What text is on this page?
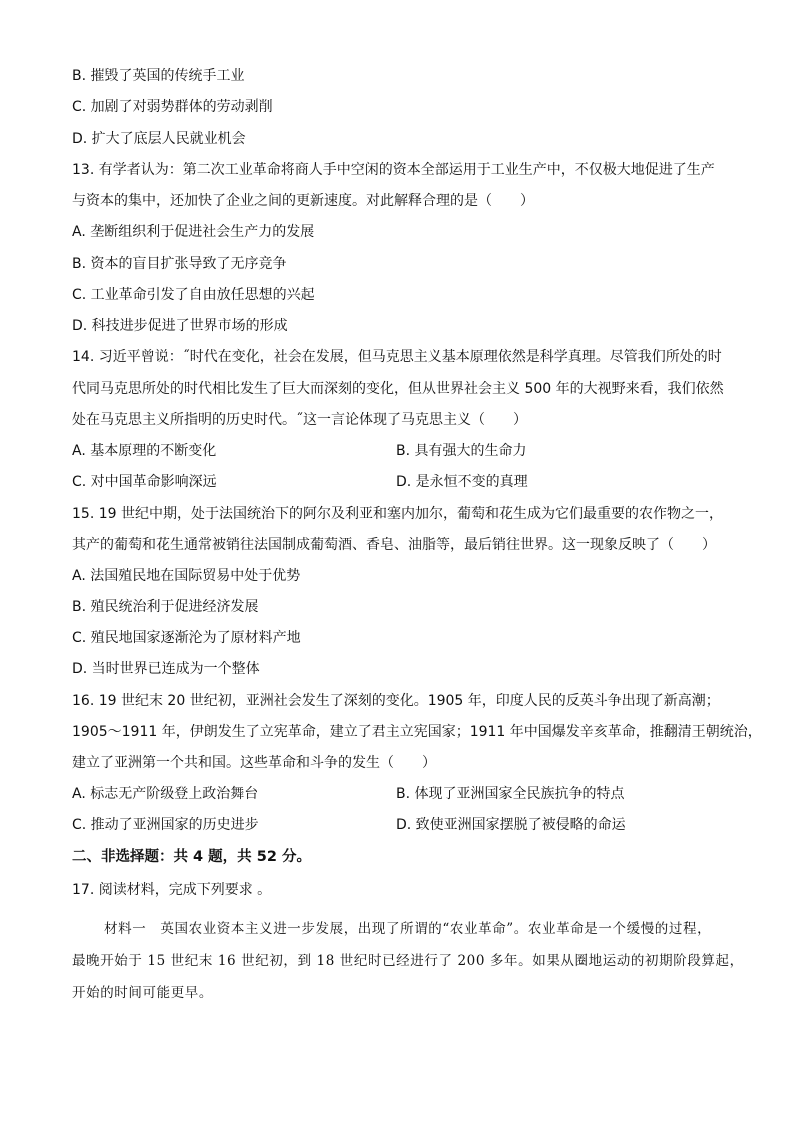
B. 摧毁了英国的传统手工业
C. 加剧了对弱势群体的劳动剥削
D. 扩大了底层人民就业机会
13. 有学者认为：第二次工业革命将商人手中空闲的资本全部运用于工业生产中，不仅极大地促进了生产
与资本的集中，还加快了企业之间的更新速度。对此解释合理的是（　　）
A. 垄断组织利于促进社会生产力的发展
B. 资本的盲目扩张导致了无序竞争
C. 工业革命引发了自由放任思想的兴起
D. 科技进步促进了世界市场的形成
14. 习近平曾说：˝时代在变化，社会在发展，但马克思主义基本原理依然是科学真理。尽管我们所处的时
代同马克思所处的时代相比发生了巨大而深刻的变化，但从世界社会主义 500 年的大视野来看，我们依然
处在马克思主义所指明的历史时代。˝这一言论体现了马克思主义（　　）
A. 基本原理的不断变化	B. 具有强大的生命力
C. 对中国革命影响深远	D. 是永恒不变的真理
15. 19 世纪中期，处于法国统治下的阿尔及利亚和塞内加尔，葡萄和花生成为它们最重要的农作物之一，
其产的葡萄和花生通常被销往法国制成葡萄酒、香皂、油脂等，最后销往世界。这一现象反映了（　　）
A. 法国殖民地在国际贸易中处于优势
B. 殖民统治利于促进经济发展
C. 殖民地国家逐渐沦为了原材料产地
D. 当时世界已连成为一个整体
16. 19 世纪末 20 世纪初，亚洲社会发生了深刻的变化。1905 年，印度人民的反英斗争出现了新高潮；
1905～1911 年，伊朗发生了立宪革命，建立了君主立宪国家；1911 年中国爆发辛亥革命，推翻清王朝统治，
建立了亚洲第一个共和国。这些革命和斗争的发生（　　）
A. 标志无产阶级登上政治舞台	B. 体现了亚洲国家全民族抗争的特点
C. 推动了亚洲国家的历史进步	D. 致使亚洲国家摆脱了被侵略的命运
二、非选择题：共 4 题，共 52 分。
17. 阅读材料，完成下列要求 。
材料一　英国农业资本主义进一步发展，出现了所谓的“农业革命”。农业革命是一个缓慢的过程，
最晚开始于 15 世纪末 16 世纪初，到 18 世纪时已经进行了 200 多年。如果从圈地运动的初期阶段算起，
开始的时间可能更早。
